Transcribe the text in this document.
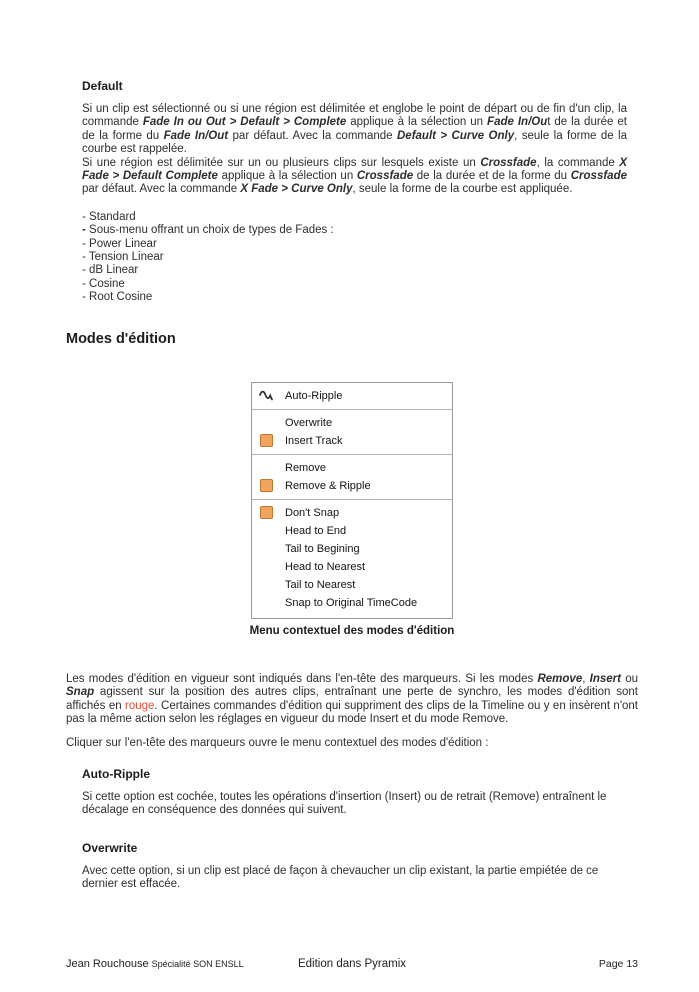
Default

Si un clip est sélectionné ou si une région est délimitée et englobe le point de départ ou de fin d'un clip, la commande Fade In ou Out > Default > Complete applique à la sélection un Fade In/Out de la durée et de la forme du Fade In/Out par défaut. Avec la commande Default > Curve Only, seule la forme de la courbe est rappelée.

Si une région est délimitée sur un ou plusieurs clips sur lesquels existe un Crossfade, la commande X Fade > Default Complete applique à la sélection un Crossfade de la durée et de la forme du Crossfade par défaut. Avec la commande X Fade > Curve Only, seule la forme de la courbe est appliquée.

- Standard
- Sous-menu offrant un choix de types de Fades :
- Power Linear
- Tension Linear
- dB Linear
- Cosine
- Root Cosine
Modes d'édition
Auto-Ripple
Overwrite
Insert Track
Remove
Remove & Ripple
Don't Snap
Head to End
Tail to Begining
Head to Nearest
Tail to Nearest
Snap to Original TimeCode
Menu contextuel des modes d'édition

Les modes d'édition en vigueur sont indiqués dans l'en-tête des marqueurs. Si les modes Remove, Insert ou Snap agissent sur la position des autres clips, entraînant une perte de synchro, les modes d'édition sont affichés en rouge. Certaines commandes d'édition qui suppriment des clips de la Timeline ou y en insèrent n'ont pas la même action selon les réglages en vigueur du mode Insert et du mode Remove.

Cliquer sur l'en-tête des marqueurs ouvre le menu contextuel des modes d'édition :

Auto-Ripple

Si cette option est cochée, toutes les opérations d'insertion (Insert) ou de retrait (Remove) entraînent le décalage en conséquence des données qui suivent.

Overwrite

Avec cette option, si un clip est placé de façon à chevaucher un clip existant, la partie empiétée de ce dernier est effacée.

Jean Rouchouse Spécialité SON ENSLL	Edition dans Pyramix	Page 13
